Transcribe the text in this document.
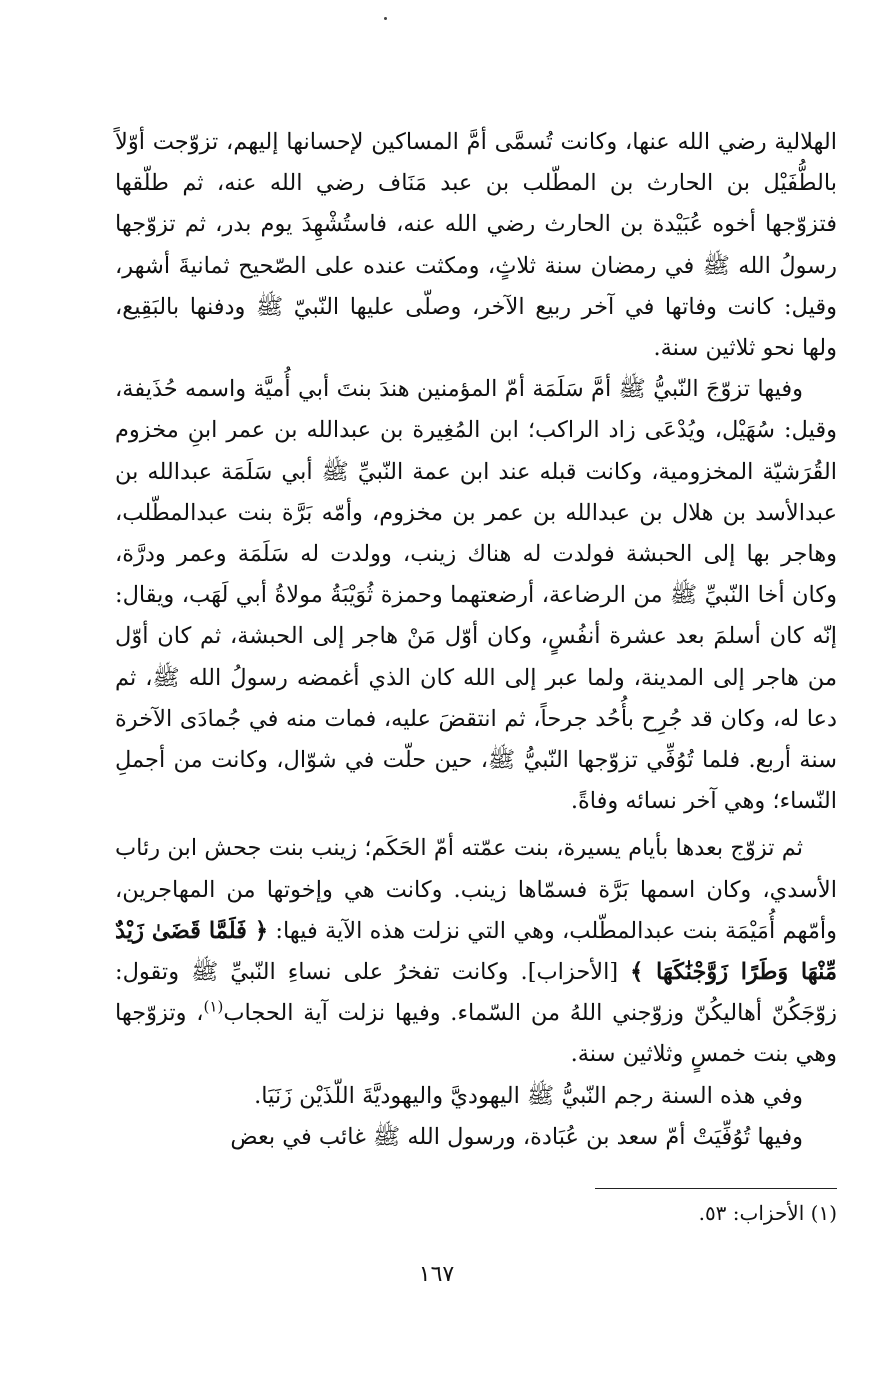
الهلالية رضي الله عنها، وكانت تُسمَّى أمَّ المساكين لإحسانها إليهم، تزوّجت أوّلاً بالطُّفَيْل بن الحارث بن المطّلب بن عبد مَنَاف رضي الله عنه، ثم طلّقها فتزوّجها أخوه عُبَيْدة بن الحارث رضي الله عنه، فاستُشْهِدَ يوم بدر، ثم تزوّجها رسولُ الله ﷺ في رمضان سنة ثلاثٍ، ومكثت عنده على الصّحيح ثمانيةَ أشهر، وقيل: كانت وفاتها في آخر ربيع الآخر، وصلّى عليها النّبيّ ﷺ ودفنها بالبَقِيع، ولها نحو ثلاثين سنة.

وفيها تزوّجَ النّبيُّ ﷺ أمَّ سَلَمَة أمّ المؤمنين هندَ بنتَ أبي أُميَّة واسمه حُذَيفة، وقيل: سُهَيْل، ويُدْعَى زاد الراكب؛ ابن المُغِيرة بن عبدالله بن عمر ابنِ مخزوم القُرَشيّة المخزومية، وكانت قبله عند ابن عمة النّبيِّ ﷺ أبي سَلَمَة عبدالله بن عبدالأسد بن هلال بن عبدالله بن عمر بن مخزوم، وأمّه بَرَّة بنت عبدالمطّلب، وهاجر بها إلى الحبشة فولدت له هناك زينب، وولدت له سَلَمَة وعمر ودرَّة، وكان أخا النّبيِّ ﷺ من الرضاعة، أرضعتهما وحمزة ثُوَيْبَةُ مولاةُ أبي لَهَب، ويقال: إنّه كان أسلمَ بعد عشرة أنفُسٍ، وكان أوّل مَنْ هاجر إلى الحبشة، ثم كان أوّل من هاجر إلى المدينة، ولما عبر إلى الله كان الذي أغمضه رسولُ الله ﷺ، ثم دعا له، وكان قد جُرِح بأُحُد جرحاً، ثم انتقضَ عليه، فمات منه في جُمادَى الآخرة سنة أربع. فلما تُوُفِّي تزوّجها النّبيُّ ﷺ، حين حلّت في شوّال، وكانت من أجملِ النّساء؛ وهي آخر نسائه وفاةً.

ثم تزوّج بعدها بأيام يسيرة، بنت عمّته أمّ الحَكَم؛ زينب بنت جحش ابن رئاب الأسدي، وكان اسمها بَرَّة فسمّاها زينب. وكانت هي وإخوتها من المهاجرين، وأمّهم أُمَيْمَة بنت عبدالمطّلب، وهي التي نزلت هذه الآية فيها: ﴿ فَلَمَّا قَضَىٰ زَيْدٌ مِّنْهَا وَطَرًا زَوَّجْنَٰكَهَا ﴾ [الأحزاب]. وكانت تفخرُ على نساءِ النّبيِّ ﷺ وتقول: زوّجَكُنّ أهاليكُنّ وزوّجني اللهُ من السّماء. وفيها نزلت آية الحجاب$^{(١)}$، وتزوّجها وهي بنت خمسٍ وثلاثين سنة.

وفي هذه السنة رجم النّبيُّ ﷺ اليهوديَّ واليهوديَّةَ اللّذَيْن زَنَيَا.

وفيها تُوُفِّيَتْ أمّ سعد بن عُبَادة، ورسول الله ﷺ غائب في بعض

(١) الأحزاب: ٥٣.
١٦٧
